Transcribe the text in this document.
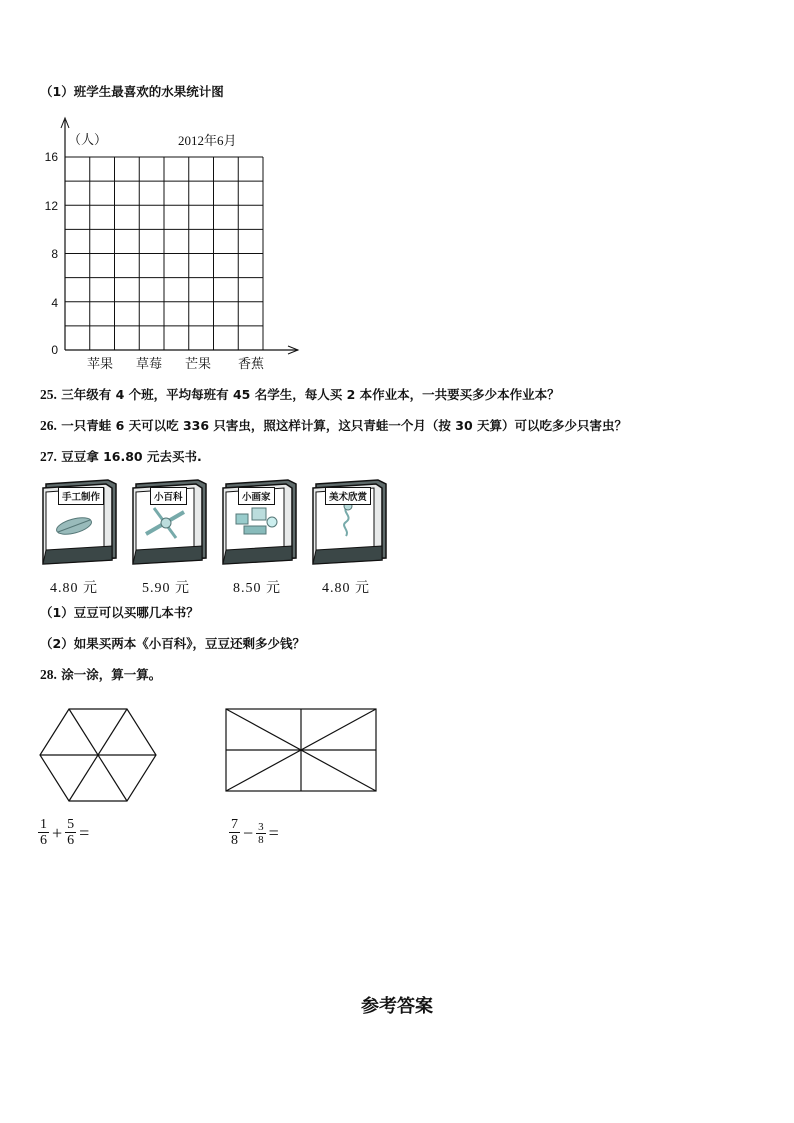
（1）班学生最喜欢的水果统计图
（人）	2012年6月
16
12
8
4
0
苹果 草莓 芒果 香蕉
25. 三年级有 4 个班，平均每班有 45 名学生，每人买 2 本作业本，一共要买多少本作业本？
26. 一只青蛙 6 天可以吃 336 只害虫，照这样计算，这只青蛙一个月（按 30 天算）可以吃多少只害虫？
27. 豆豆拿 16.80 元去买书.
手工制作	小百科	小画家	美术欣赏
4.80 元	5.90 元	8.50 元	4.80 元
（1）豆豆可以买哪几本书？
（2）如果买两本《小百科》，豆豆还剩多少钱？
28. 涂一涂，算一算。
$\frac{1}{6} + \frac{5}{6}$ =	$\frac{7}{8} - \frac{3}{8}$ =
参考答案
